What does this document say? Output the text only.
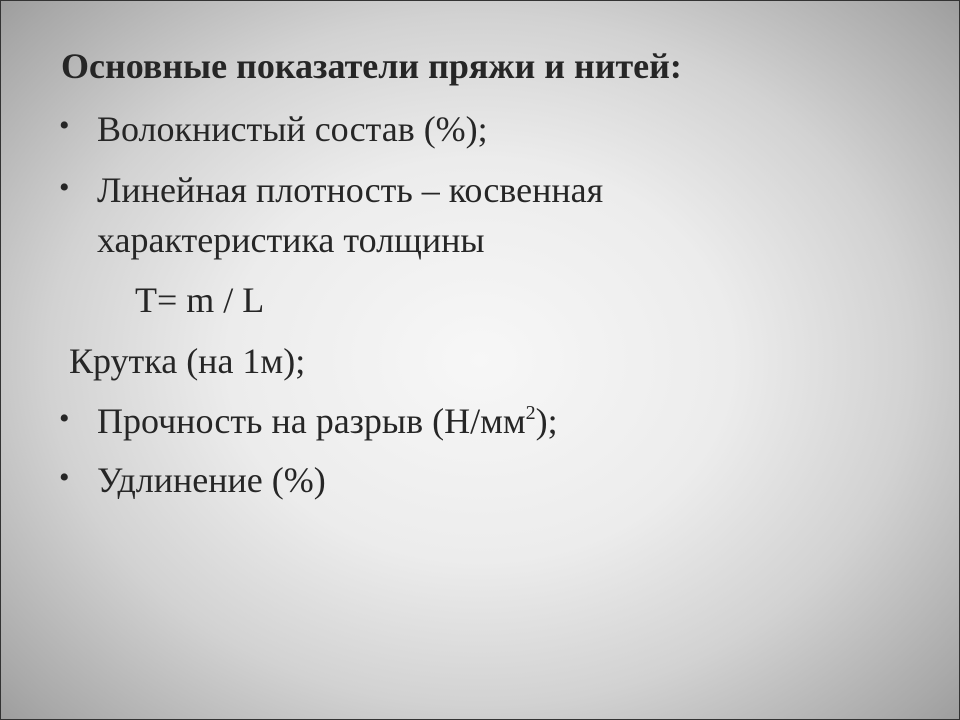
Основные показатели пряжи и нитей:
• Волокнистый состав (%);
• Линейная плотность – косвенная
характеристика толщины
T= m / L
Крутка (на 1м);
• Прочность на разрыв $(Н/мм^2)$;
• Удлинение (%)
